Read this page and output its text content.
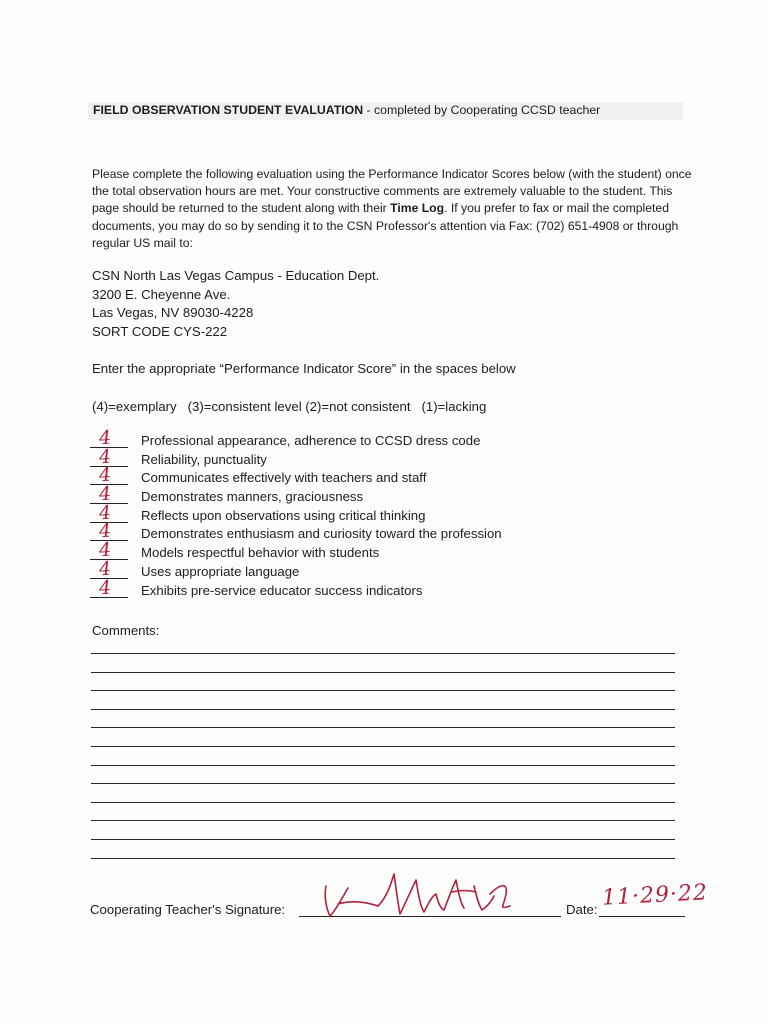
FIELD OBSERVATION STUDENT EVALUATION - completed by Cooperating CCSD teacher
Please complete the following evaluation using the Performance Indicator Scores below (with the student) once the total observation hours are met. Your constructive comments are extremely valuable to the student. This page should be returned to the student along with their Time Log. If you prefer to fax or mail the completed documents, you may do so by sending it to the CSN Professor's attention via Fax: (702) 651-4908 or through regular US mail to:
CSN North Las Vegas Campus - Education Dept.
3200 E. Cheyenne Ave.
Las Vegas, NV 89030-4228
SORT CODE CYS-222
Enter the appropriate “Performance Indicator Score” in the spaces below
(4)=exemplary   (3)=consistent level (2)=not consistent   (1)=lacking
4 Professional appearance, adherence to CCSD dress code
4 Reliability, punctuality
4 Communicates effectively with teachers and staff
4 Demonstrates manners, graciousness
4 Reflects upon observations using critical thinking
4 Demonstrates enthusiasm and curiosity toward the profession
4 Models respectful behavior with students
4 Uses appropriate language
4 Exhibits pre-service educator success indicators
Comments:
Cooperating Teacher's Signature:	Date: 11·29·22
